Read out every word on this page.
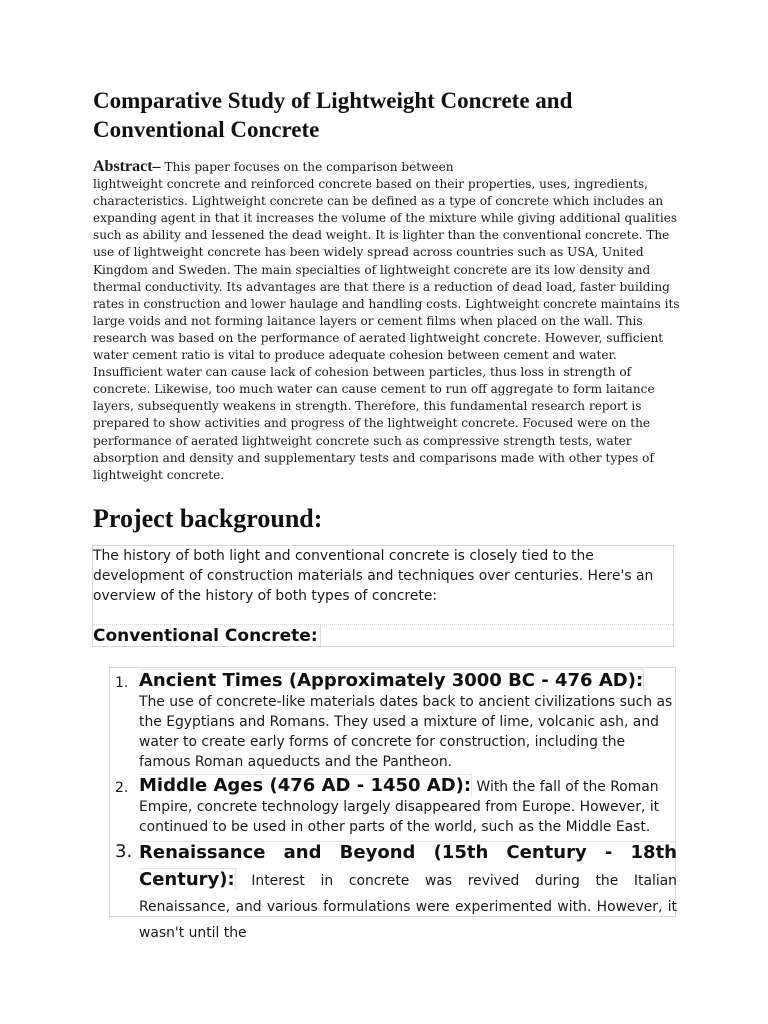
Comparative Study of Lightweight Concrete and Conventional Concrete

Abstract– This paper focuses on the comparison between
lightweight concrete and reinforced concrete based on their properties, uses, ingredients, characteristics. Lightweight concrete can be defined as a type of concrete which includes an expanding agent in that it increases the volume of the mixture while giving additional qualities such as ability and lessened the dead weight. It is lighter than the conventional concrete. The use of lightweight concrete has been widely spread across countries such as USA, United Kingdom and Sweden. The main specialties of lightweight concrete are its low density and thermal conductivity. Its advantages are that there is a reduction of dead load, faster building rates in construction and lower haulage and handling costs. Lightweight concrete maintains its large voids and not forming laitance layers or cement films when placed on the wall. This research was based on the performance of aerated lightweight concrete. However, sufficient water cement ratio is vital to produce adequate cohesion between cement and water. Insufficient water can cause lack of cohesion between particles, thus loss in strength of concrete. Likewise, too much water can cause cement to run off aggregate to form laitance layers, subsequently weakens in strength. Therefore, this fundamental research report is prepared to show activities and progress of the lightweight concrete. Focused were on the performance of aerated lightweight concrete such as compressive strength tests, water absorption and density and supplementary tests and comparisons made with other types of lightweight concrete.

Project background:

The history of both light and conventional concrete is closely tied to the development of construction materials and techniques over centuries. Here's an overview of the history of both types of concrete:

Conventional Concrete:
1. Ancient Times (Approximately 3000 BC - 476 AD): The use of concrete-like materials dates back to ancient civilizations such as the Egyptians and Romans. They used a mixture of lime, volcanic ash, and water to create early forms of concrete for construction, including the famous Roman aqueducts and the Pantheon.

2. Middle Ages (476 AD - 1450 AD): With the fall of the Roman Empire, concrete technology largely disappeared from Europe. However, it continued to be used in other parts of the world, such as the Middle East.

3. Renaissance and Beyond (15th Century - 18th Century): Interest in concrete was revived during the Italian Renaissance, and various formulations were experimented with. However, it wasn't until the
